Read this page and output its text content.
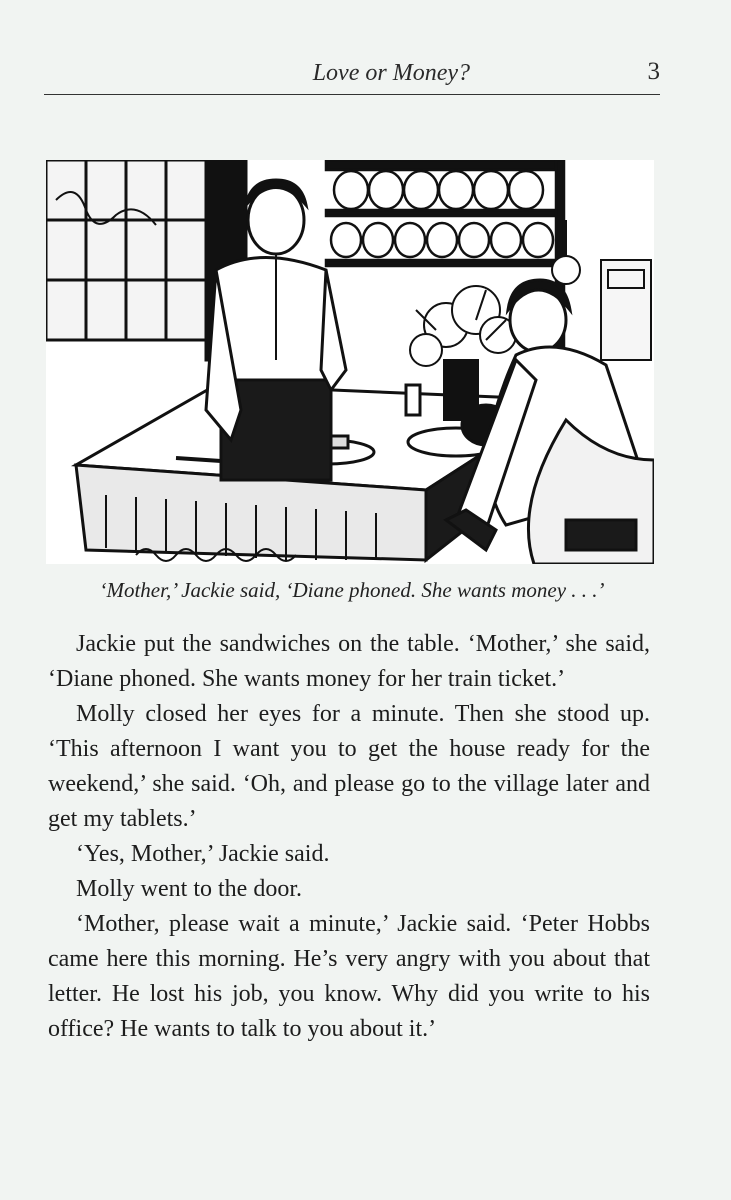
Love or Money?	3
‘Mother,’ Jackie said, ‘Diane phoned. She wants money . . .’

Jackie put the sandwiches on the table. ‘Mother,’ she said, ‘Diane phoned. She wants money for her train ticket.’

Molly closed her eyes for a minute. Then she stood up. ‘This afternoon I want you to get the house ready for the weekend,’ she said. ‘Oh, and please go to the village later and get my tablets.’

‘Yes, Mother,’ Jackie said.

Molly went to the door.

‘Mother, please wait a minute,’ Jackie said. ‘Peter Hobbs came here this morning. He’s very angry with you about that letter. He lost his job, you know. Why did you write to his office? He wants to talk to you about it.’
